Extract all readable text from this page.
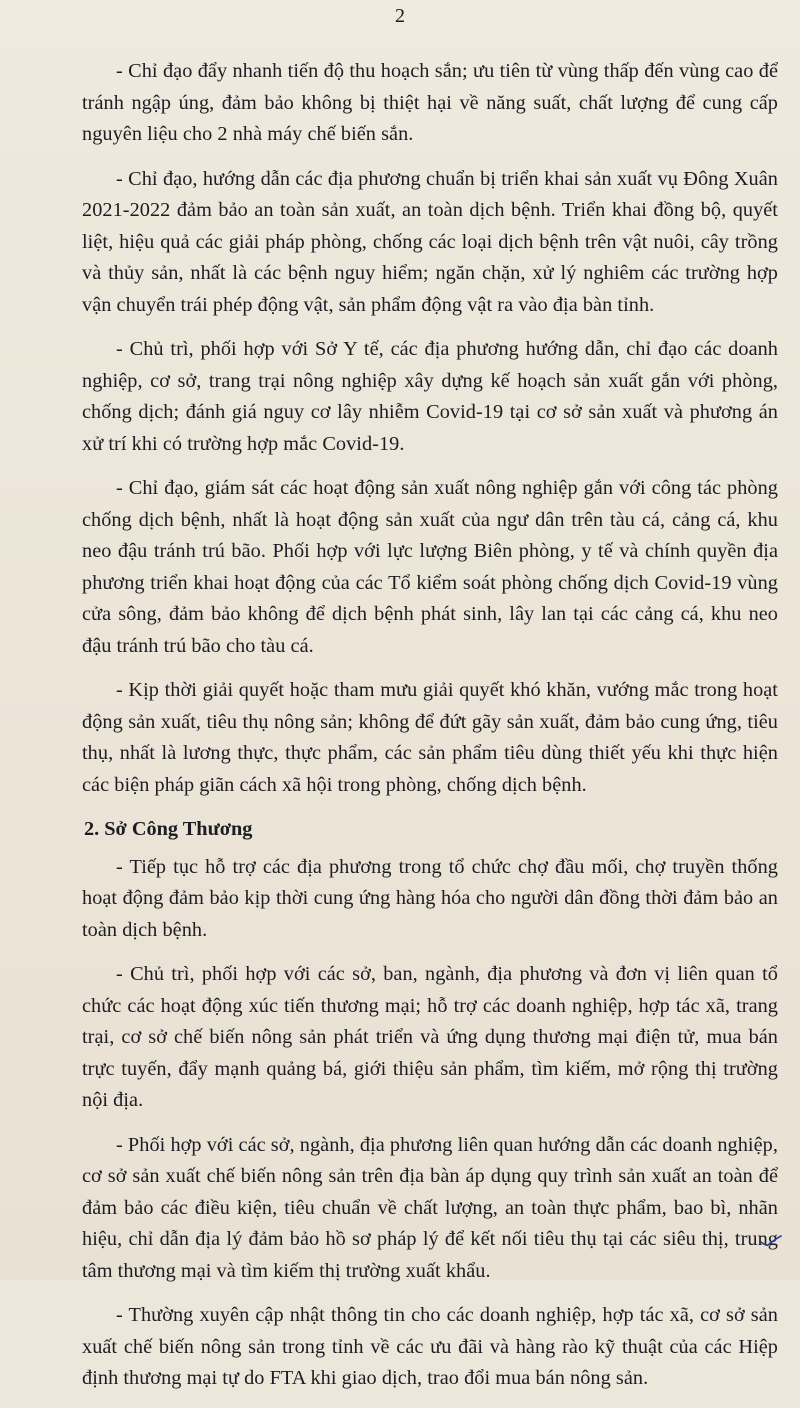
2

- Chỉ đạo đẩy nhanh tiến độ thu hoạch sắn; ưu tiên từ vùng thấp đến vùng cao để tránh ngập úng, đảm bảo không bị thiệt hại về năng suất, chất lượng để cung cấp nguyên liệu cho 2 nhà máy chế biến sắn.

- Chỉ đạo, hướng dẫn các địa phương chuẩn bị triển khai sản xuất vụ Đông Xuân 2021-2022 đảm bảo an toàn sản xuất, an toàn dịch bệnh. Triển khai đồng bộ, quyết liệt, hiệu quả các giải pháp phòng, chống các loại dịch bệnh trên vật nuôi, cây trồng và thủy sản, nhất là các bệnh nguy hiểm; ngăn chặn, xử lý nghiêm các trường hợp vận chuyển trái phép động vật, sản phẩm động vật ra vào địa bàn tỉnh.

- Chủ trì, phối hợp với Sở Y tế, các địa phương hướng dẫn, chỉ đạo các doanh nghiệp, cơ sở, trang trại nông nghiệp xây dựng kế hoạch sản xuất gắn với phòng, chống dịch; đánh giá nguy cơ lây nhiễm Covid-19 tại cơ sở sản xuất và phương án xử trí khi có trường hợp mắc Covid-19.

- Chỉ đạo, giám sát các hoạt động sản xuất nông nghiệp gắn với công tác phòng chống dịch bệnh, nhất là hoạt động sản xuất của ngư dân trên tàu cá, cảng cá, khu neo đậu tránh trú bão. Phối hợp với lực lượng Biên phòng, y tế và chính quyền địa phương triển khai hoạt động của các Tổ kiểm soát phòng chống dịch Covid-19 vùng cửa sông, đảm bảo không để dịch bệnh phát sinh, lây lan tại các cảng cá, khu neo đậu tránh trú bão cho tàu cá.

- Kịp thời giải quyết hoặc tham mưu giải quyết khó khăn, vướng mắc trong hoạt động sản xuất, tiêu thụ nông sản; không để đứt gãy sản xuất, đảm bảo cung ứng, tiêu thụ, nhất là lương thực, thực phẩm, các sản phẩm tiêu dùng thiết yếu khi thực hiện các biện pháp giãn cách xã hội trong phòng, chống dịch bệnh.

2. Sở Công Thương

- Tiếp tục hỗ trợ các địa phương trong tổ chức chợ đầu mối, chợ truyền thống hoạt động đảm bảo kịp thời cung ứng hàng hóa cho người dân đồng thời đảm bảo an toàn dịch bệnh.

- Chủ trì, phối hợp với các sở, ban, ngành, địa phương và đơn vị liên quan tổ chức các hoạt động xúc tiến thương mại; hỗ trợ các doanh nghiệp, hợp tác xã, trang trại, cơ sở chế biến nông sản phát triển và ứng dụng thương mại điện tử, mua bán trực tuyến, đẩy mạnh quảng bá, giới thiệu sản phẩm, tìm kiếm, mở rộng thị trường nội địa.

- Phối hợp với các sở, ngành, địa phương liên quan hướng dẫn các doanh nghiệp, cơ sở sản xuất chế biến nông sản trên địa bàn áp dụng quy trình sản xuất an toàn để đảm bảo các điều kiện, tiêu chuẩn về chất lượng, an toàn thực phẩm, bao bì, nhãn hiệu, chỉ dẫn địa lý đảm bảo hồ sơ pháp lý để kết nối tiêu thụ tại các siêu thị, trung tâm thương mại và tìm kiếm thị trường xuất khẩu.

- Thường xuyên cập nhật thông tin cho các doanh nghiệp, hợp tác xã, cơ sở sản xuất chế biến nông sản trong tỉnh về các ưu đãi và hàng rào kỹ thuật của các Hiệp định thương mại tự do FTA khi giao dịch, trao đổi mua bán nông sản.
